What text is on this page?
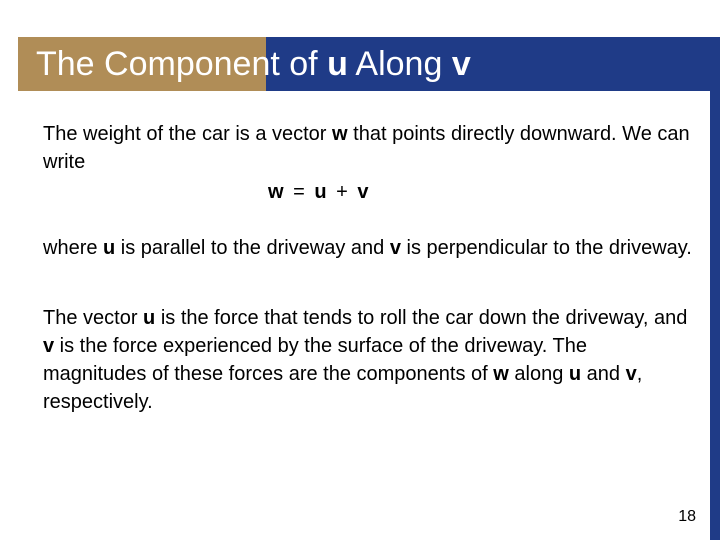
The Component of u Along v

The weight of the car is a vector w that points directly downward. We can write

w = u + v

where u is parallel to the driveway and v is perpendicular to the driveway.

The vector u is the force that tends to roll the car down the driveway, and v is the force experienced by the surface of the driveway. The magnitudes of these forces are the components of w along u and v, respectively.

18
